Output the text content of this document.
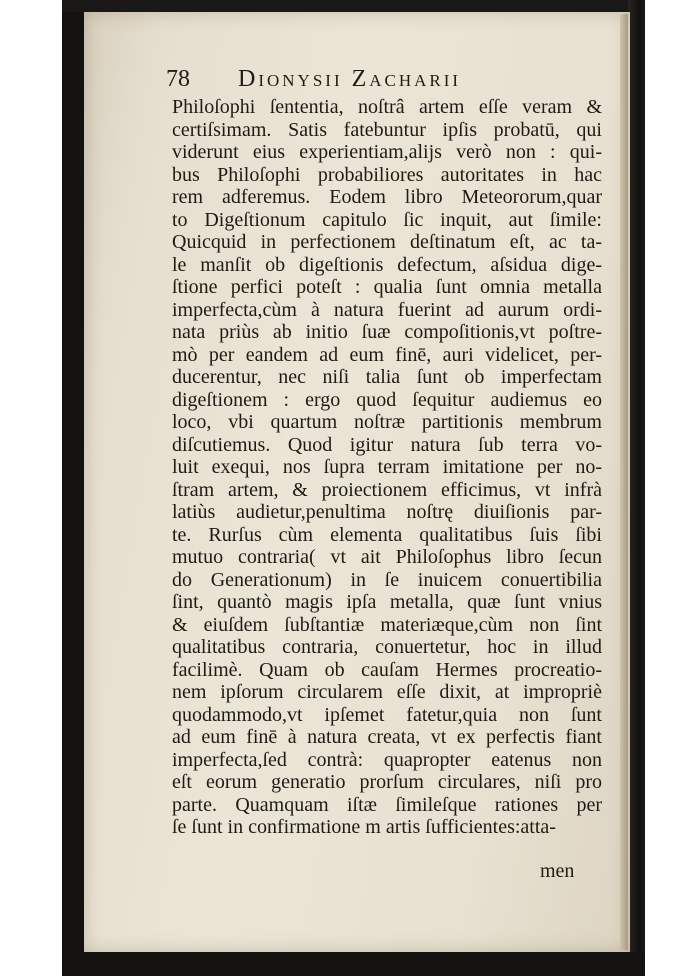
78 Dionysii Zacharii
Philoſophi ſententia, noſtrâ artem eſſe veram &
certiſsimam. Satis fatebuntur ipſis probatū, qui
viderunt eius experientiam,alijs verò non : qui-
bus Philoſophi probabiliores autoritates in hac
rem adferemus. Eodem libro Meteororum,quar
to Digeſtionum capitulo ſic inquit, aut ſimile:
Quicquid in perfectionem deſtinatum eſt, ac ta-
le manſit ob digeſtionis defectum, aſsidua dige-
ſtione perfici poteſt : qualia ſunt omnia metalla
imperfecta,cùm à natura fuerint ad aurum ordi-
nata priùs ab initio ſuæ compoſitionis,vt poſtre-
mò per eandem ad eum finē, auri videlicet, per-
ducerentur, nec niſi talia ſunt ob imperfectam
digeſtionem : ergo quod ſequitur audiemus eo
loco, vbi quartum noſtræ partitionis membrum
diſcutiemus. Quod igitur natura ſub terra vo-
luit exequi, nos ſupra terram imitatione per no-
ſtram artem, & proiectionem efficimus, vt infrà
latiùs audietur,penultima noſtrę diuiſionis par-
te. Rurſus cùm elementa qualitatibus ſuis ſibi
mutuo contraria( vt ait Philoſophus libro ſecun
do Generationum) in ſe inuicem conuertibilia
ſint, quantò magis ipſa metalla, quæ ſunt vnius
& eiuſdem ſubſtantiæ materiæque,cùm non ſint
qualitatibus contraria, conuertetur, hoc in illud
facilimè. Quam ob cauſam Hermes procreatio-
nem ipſorum circularem eſſe dixit, at impropriè
quodammodo,vt ipſemet fatetur,quia non ſunt
ad eum finē à natura creata, vt ex perfectis fiant
imperfecta,ſed contrà: quapropter eatenus non
eſt eorum generatio prorſum circulares, niſi pro
parte. Quamquam iſtæ ſimileſque rationes per
ſe ſunt in confirmatione m artis ſufficientes:atta-
men
